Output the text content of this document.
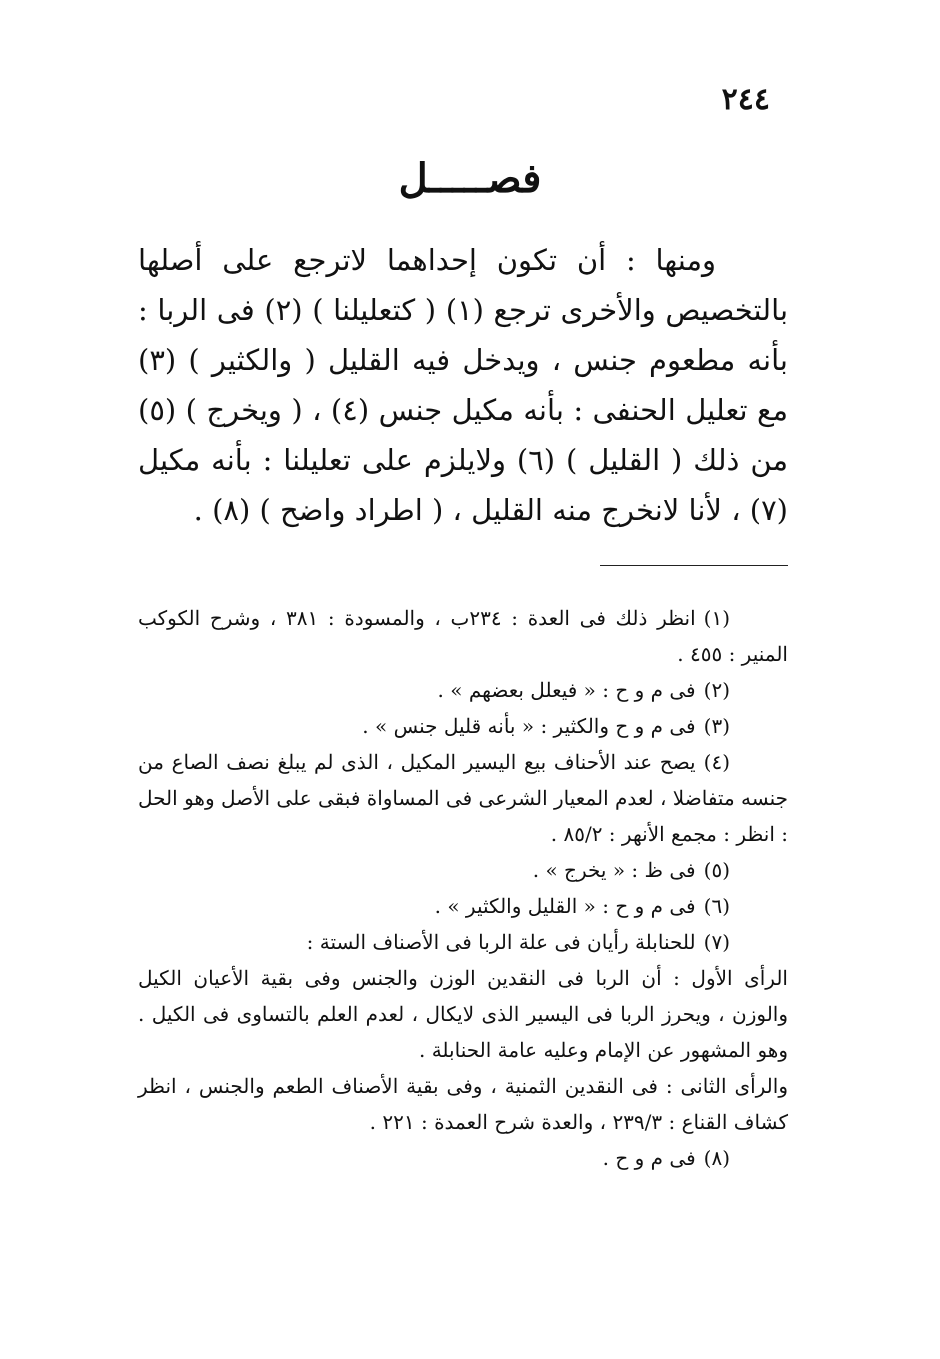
٢٤٤
فصـــــل

ومنها : أن تكون إحداهما لاترجع على أصلها بالتخصيص والأخرى ترجع (١) ( كتعليلنا ) (٢) فى الربا : بأنه مطعوم جنس ، ويدخل فيه القليل ( والكثير ) (٣) مع تعليل الحنفى : بأنه مكيل جنس (٤) ، ( ويخرج ) (٥) من ذلك ( القليل ) (٦) ولايلزم على تعليلنا : بأنه مكيل (٧) ، لأنا لانخرج منه القليل ، ( اطراد واضح ) (٨) .

(١)انظر ذلك فى العدة : ٢٣٤ب ، والمسودة : ٣٨١ ، وشرح الكوكب المنير : ٤٥٥ .

(٢)فى م و ح : « فيعلل بعضهم » .

(٣)فى م و ح والكثير : « بأنه قليل جنس » .

(٤)يصح عند الأحناف بيع اليسير المكيل ، الذى لم يبلغ نصف الصاع من جنسه متفاضلا ، لعدم المعيار الشرعى فى المساواة فبقى على الأصل وهو الحل : انظر : مجمع الأنهر : ٨٥/٢ .

(٥)فى ظ : « يخرج » .

(٦)فى م و ح : « القليل والكثير » .

(٧)للحنابلة رأيان فى علة الربا فى الأصناف الستة :

الرأى الأول : أن الربا فى النقدين الوزن والجنس وفى بقية الأعيان الكيل والوزن ، ويحرز الربا فى اليسير الذى لايكال ، لعدم العلم بالتساوى فى الكيل . وهو المشهور عن الإمام وعليه عامة الحنابلة .

والرأى الثانى : فى النقدين الثمنية ، وفى بقية الأصناف الطعم والجنس ، انظر كشاف القناع : ٢٣٩/٣ ، والعدة شرح العمدة : ٢٢١ .

(٨)فى م و ح .
